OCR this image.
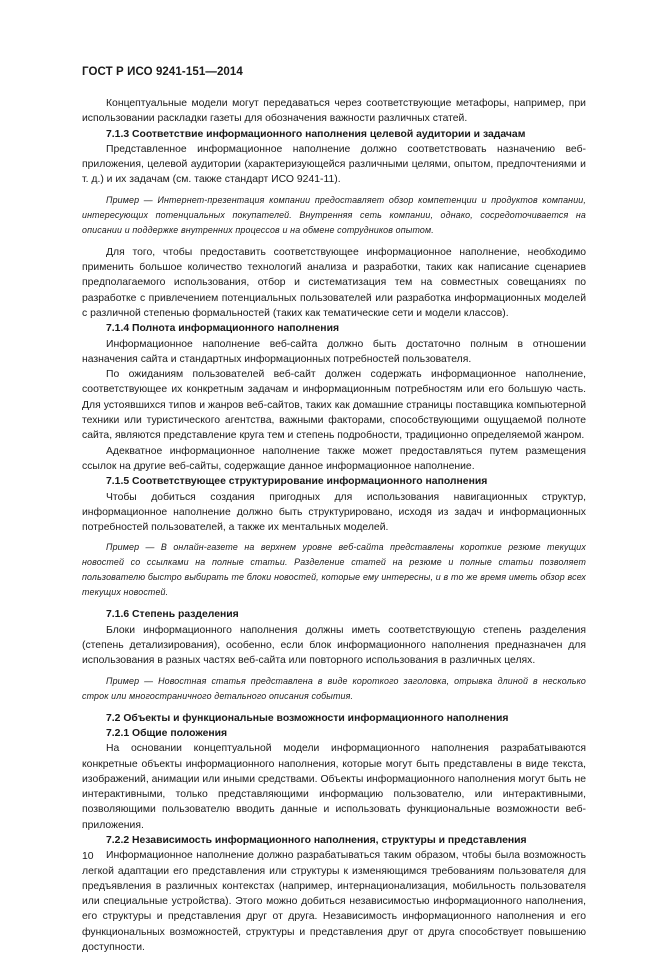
ГОСТ Р ИСО 9241-151—2014

Концептуальные модели могут передаваться через соответствующие метафоры, например, при использовании раскладки газеты для обозначения важности различных статей.

7.1.3 Соответствие информационного наполнения целевой аудитории и задачам

Представленное информационное наполнение должно соответствовать назначению веб-приложения, целевой аудитории (характеризующейся различными целями, опытом, предпочтениями и т. д.) и их задачам (см. также стандарт ИСО 9241-11).

Пример — Интернет-презентация компании предоставляет обзор компетенции и продуктов компании, интересующих потенциальных покупателей. Внутренняя сеть компании, однако, сосредоточивается на описании и поддержке внутренних процессов и на обмене сотрудников опытом.

Для того, чтобы предоставить соответствующее информационное наполнение, необходимо применить большое количество технологий анализа и разработки, таких как написание сценариев предполагаемого использования, отбор и систематизация тем на совместных совещаниях по разработке с привлечением потенциальных пользователей или разработка информационных моделей с различной степенью формальностей (таких как тематические сети и модели классов).

7.1.4 Полнота информационного наполнения

Информационное наполнение веб-сайта должно быть достаточно полным в отношении назначения сайта и стандартных информационных потребностей пользователя.

По ожиданиям пользователей веб-сайт должен содержать информационное наполнение, соответствующее их конкретным задачам и информационным потребностям или его большую часть. Для устоявшихся типов и жанров веб-сайтов, таких как домашние страницы поставщика компьютерной техники или туристического агентства, важными факторами, способствующими ощущаемой полноте сайта, являются представление круга тем и степень подробности, традиционно определяемой жанром.

Адекватное информационное наполнение также может предоставляться путем размещения ссылок на другие веб-сайты, содержащие данное информационное наполнение.

7.1.5 Соответствующее структурирование информационного наполнения

Чтобы добиться создания пригодных для использования навигационных структур, информационное наполнение должно быть структурировано, исходя из задач и информационных потребностей пользователей, а также их ментальных моделей.

Пример — В онлайн-газете на верхнем уровне веб-сайта представлены короткие резюме текущих новостей со ссылками на полные статьи. Разделение статей на резюме и полные статьи позволяет пользователю быстро выбирать те блоки новостей, которые ему интересны, и в то же время иметь обзор всех текущих новостей.
7.1.6 Степень разделения

Блоки информационного наполнения должны иметь соответствующую степень разделения (степень детализирования), особенно, если блок информационного наполнения предназначен для использования в разных частях веб-сайта или повторного использования в различных целях.

Пример — Новостная статья представлена в виде короткого заголовка, отрывка длиной в несколько строк или многостраничного детального описания события.
7.2 Объекты и функциональные возможности информационного наполнения
7.2.1 Общие положения

На основании концептуальной модели информационного наполнения разрабатываются конкретные объекты информационного наполнения, которые могут быть представлены в виде текста, изображений, анимации или иными средствами. Объекты информационного наполнения могут быть не интерактивными, только представляющими информацию пользователю, или интерактивными, позволяющими пользователю вводить данные и использовать функциональные возможности веб-приложения.

7.2.2 Независимость информационного наполнения, структуры и представления

Информационное наполнение должно разрабатываться таким образом, чтобы была возможность легкой адаптации его представления или структуры к изменяющимся требованиям пользователя для предъявления в различных контекстах (например, интернационализация, мобильность пользователя или специальные устройства). Этого можно добиться независимостью информационного наполнения, его структуры и представления друг от друга. Независимость информационного наполнения и его функциональных возможностей, структуры и представления друг от друга способствует повышению доступности.

10
